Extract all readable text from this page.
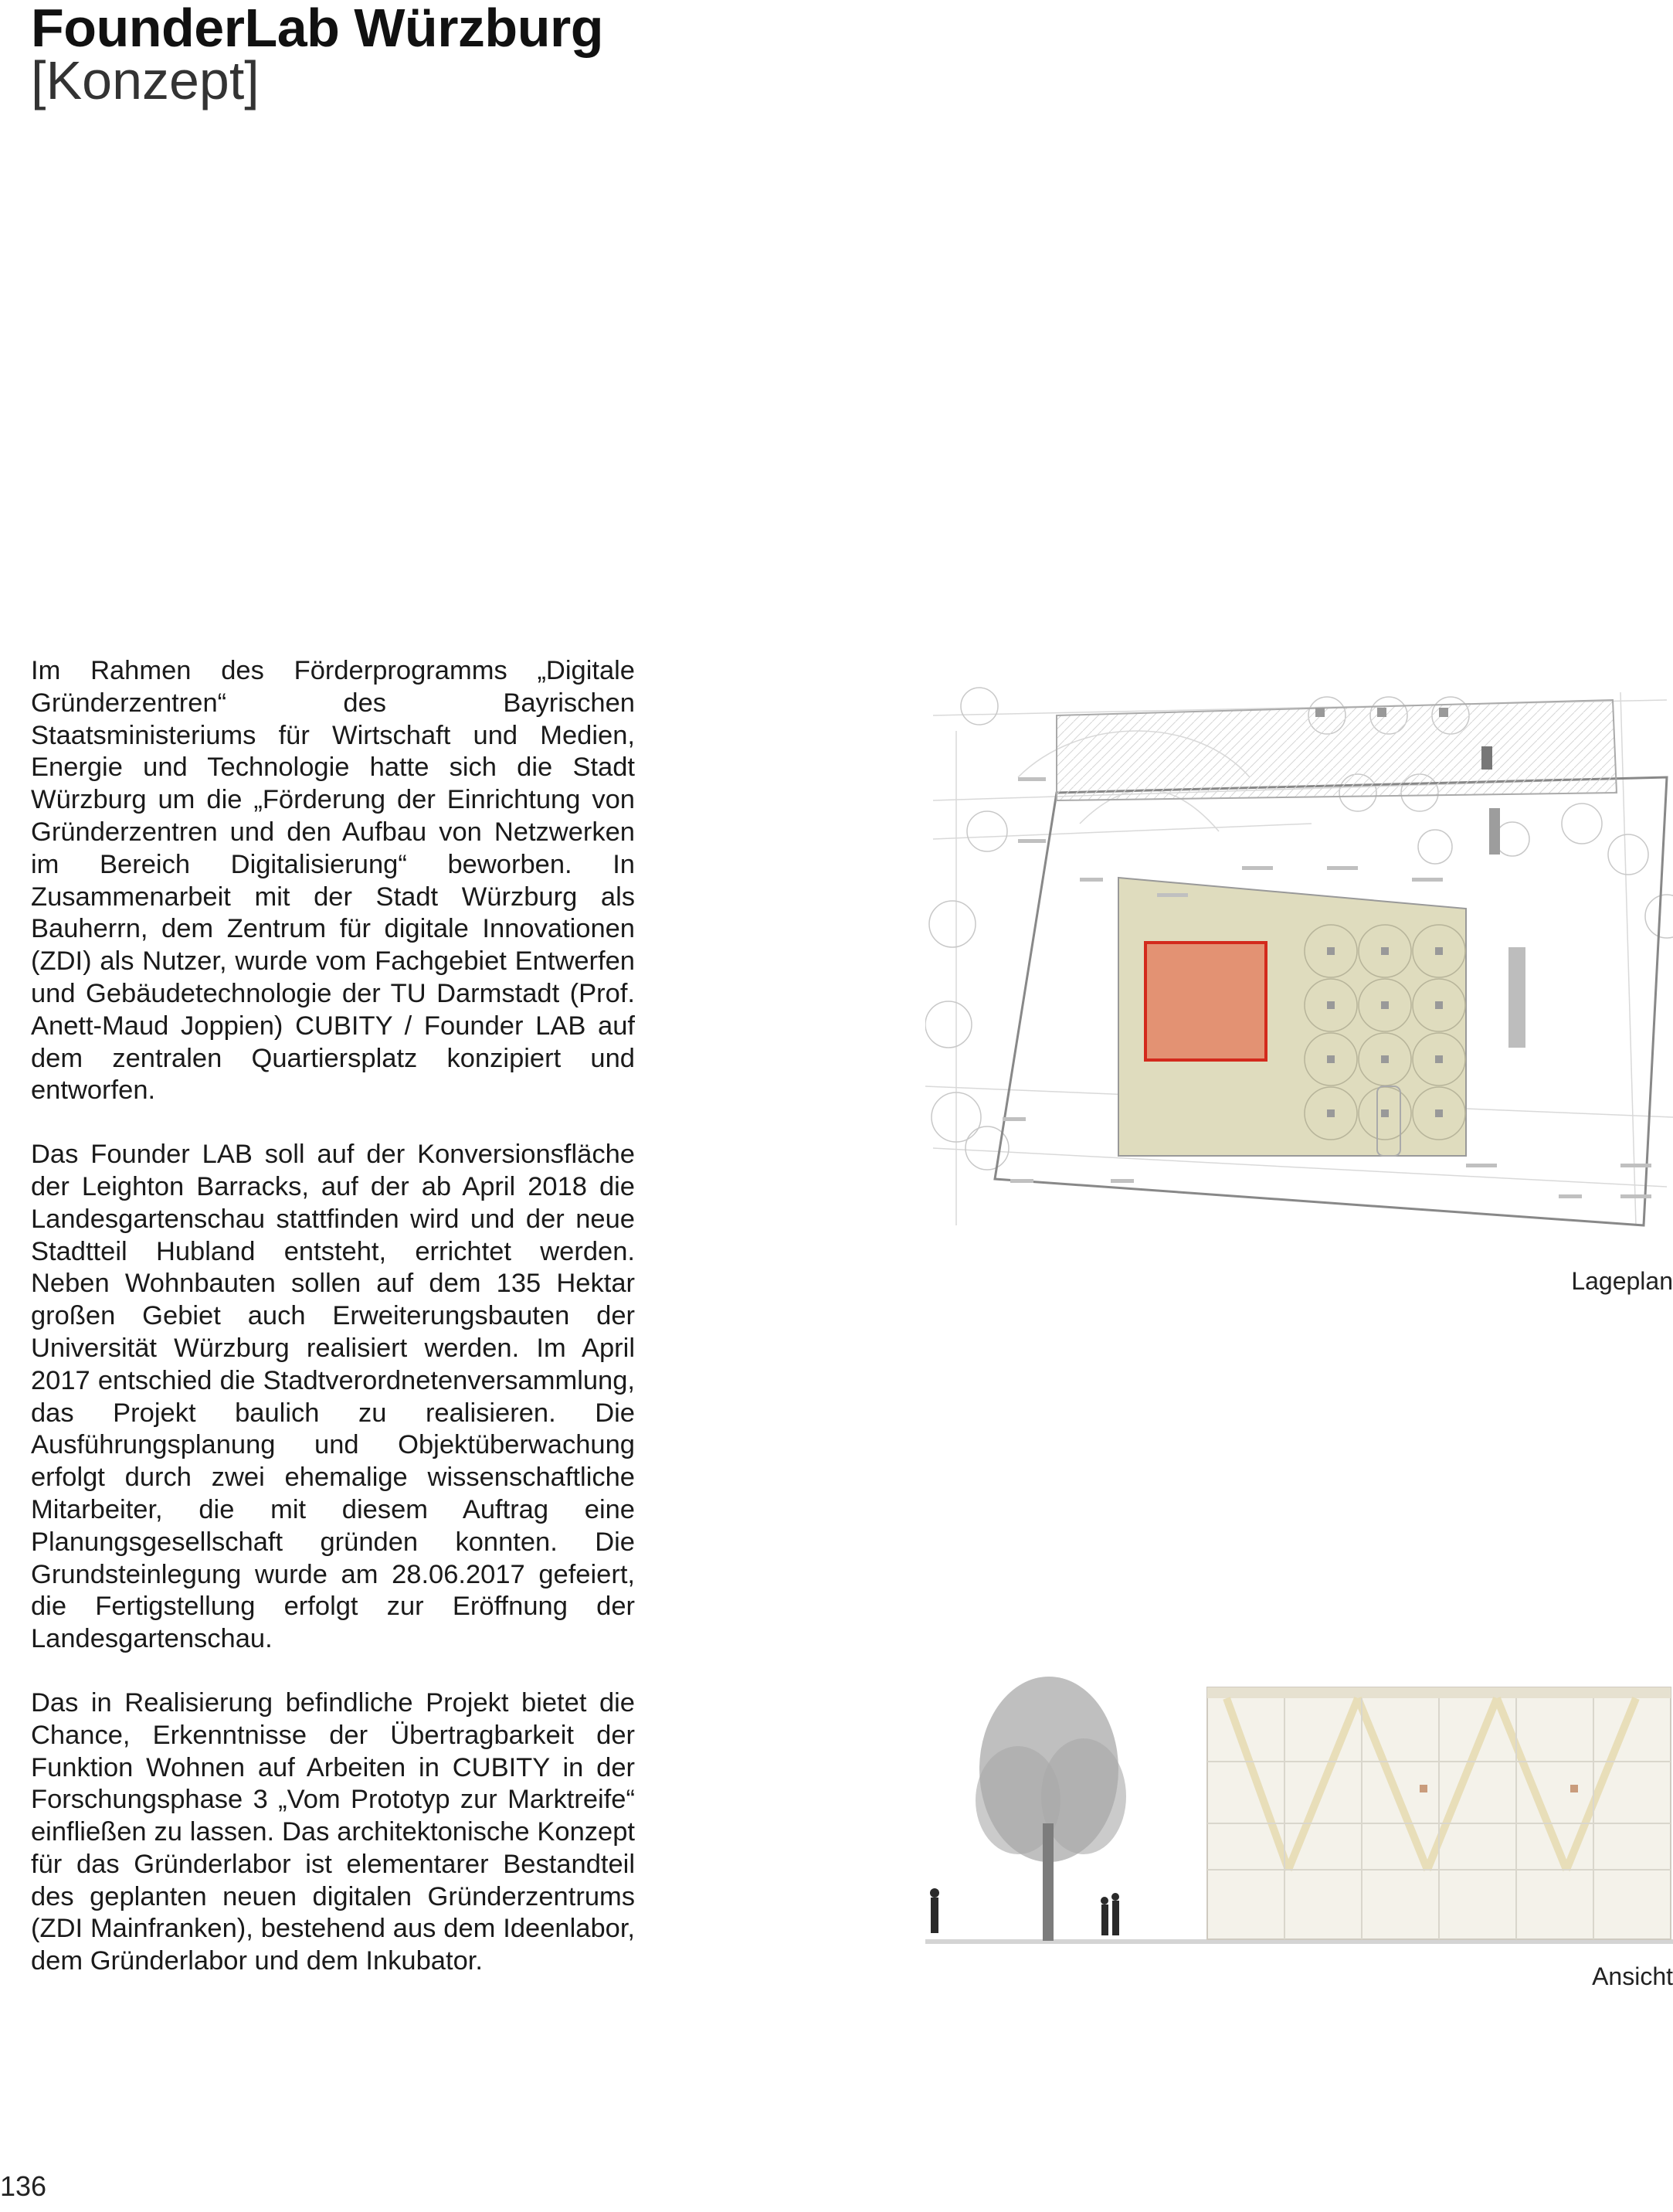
FounderLab Würzburg
[Konzept]

Im Rahmen des Förderprogramms „Digitale Gründerzentren“ des Bayrischen Staatsministeriums für Wirtschaft und Medien, Energie und Technologie hatte sich die Stadt Würzburg um die „Förderung der Einrichtung von Gründerzentren und den Aufbau von Netzwerken im Bereich Digitalisierung“ beworben. In Zusammenarbeit mit der Stadt Würzburg als Bauherrn, dem Zentrum für digitale Innovationen (ZDI) als Nutzer, wurde vom Fachgebiet Entwerfen und Gebäudetechnologie der TU Darmstadt (Prof. Anett-Maud Joppien) CUBITY / Founder LAB auf dem zentralen Quartiersplatz konzipiert und entworfen.

Das Founder LAB soll auf der Konversionsfläche der Leighton Barracks, auf der ab April 2018 die Landesgartenschau stattfinden wird und der neue Stadtteil Hubland entsteht, errichtet werden. Neben Wohnbauten sollen auf dem 135 Hektar großen Gebiet auch Erweiterungsbauten der Universität Würzburg realisiert werden. Im April 2017 entschied die Stadtverordnetenversammlung, das Projekt baulich zu realisieren. Die Ausführungsplanung und Objektüberwachung erfolgt durch zwei ehemalige wissenschaftliche Mitarbeiter, die mit diesem Auftrag eine Planungsgesellschaft gründen konnten. Die Grundsteinlegung wurde am 28.06.2017 gefeiert, die Fertigstellung erfolgt zur Eröffnung der Landesgartenschau.

Das in Realisierung befindliche Projekt bietet die Chance, Erkenntnisse der Übertragbarkeit der Funktion Wohnen auf Arbeiten in CUBITY in der Forschungsphase 3 „Vom Prototyp zur Marktreife“ einfließen zu lassen. Das architektonische Konzept für das Gründerlabor ist elementarer Bestandteil des geplanten neuen digitalen Gründerzentrums (ZDI Mainfranken), bestehend aus dem Ideenlabor, dem Gründerlabor und dem Inkubator.

Lageplan
Ansicht
136
